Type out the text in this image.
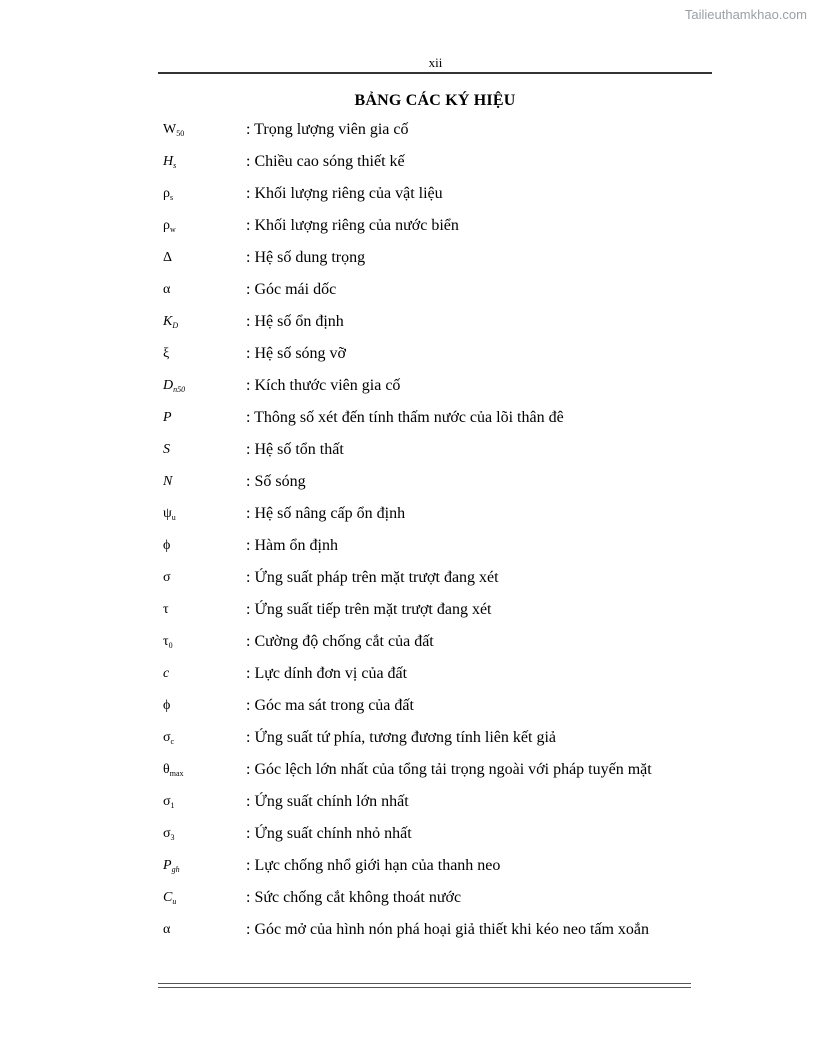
Tailieuthamkhao.com
xii
BẢNG CÁC KÝ HIỆU
$W_{50}$	: Trọng lượng viên gia cố
$H_s$	: Chiều cao sóng thiết kế
$\rho_s$	: Khối lượng riêng của vật liệu
$\rho_w$	: Khối lượng riêng của nước biển
Δ	: Hệ số dung trọng
α	: Góc mái dốc
$K_D$	: Hệ số ổn định
ξ	: Hệ số sóng vỡ
$D_{n50}$	: Kích thước viên gia cố
P	: Thông số xét đến tính thấm nước của lõi thân đê
S	: Hệ số tổn thất
N	: Số sóng
$\psi_u$	: Hệ số nâng cấp ổn định
ϕ	: Hàm ổn định
σ	: Ứng suất pháp trên mặt trượt đang xét
τ	: Ứng suất tiếp trên mặt trượt đang xét
$\tau_0$	: Cường độ chống cắt của đất
c	: Lực dính đơn vị của đất
ϕ	: Góc ma sát trong của đất
$\sigma_c$	: Ứng suất tứ phía, tương đương tính liên kết giả
$\theta_{max}$	: Góc lệch lớn nhất của tổng tải trọng ngoài với pháp tuyến mặt
$\sigma_1$	: Ứng suất chính lớn nhất
$\sigma_3$	: Ứng suất chính nhỏ nhất
$P_{gh}$	: Lực chống nhổ giới hạn của thanh neo
$C_u$	: Sức chống cắt không thoát nước
α	: Góc mở của hình nón phá hoại giả thiết khi kéo neo tấm xoắn
